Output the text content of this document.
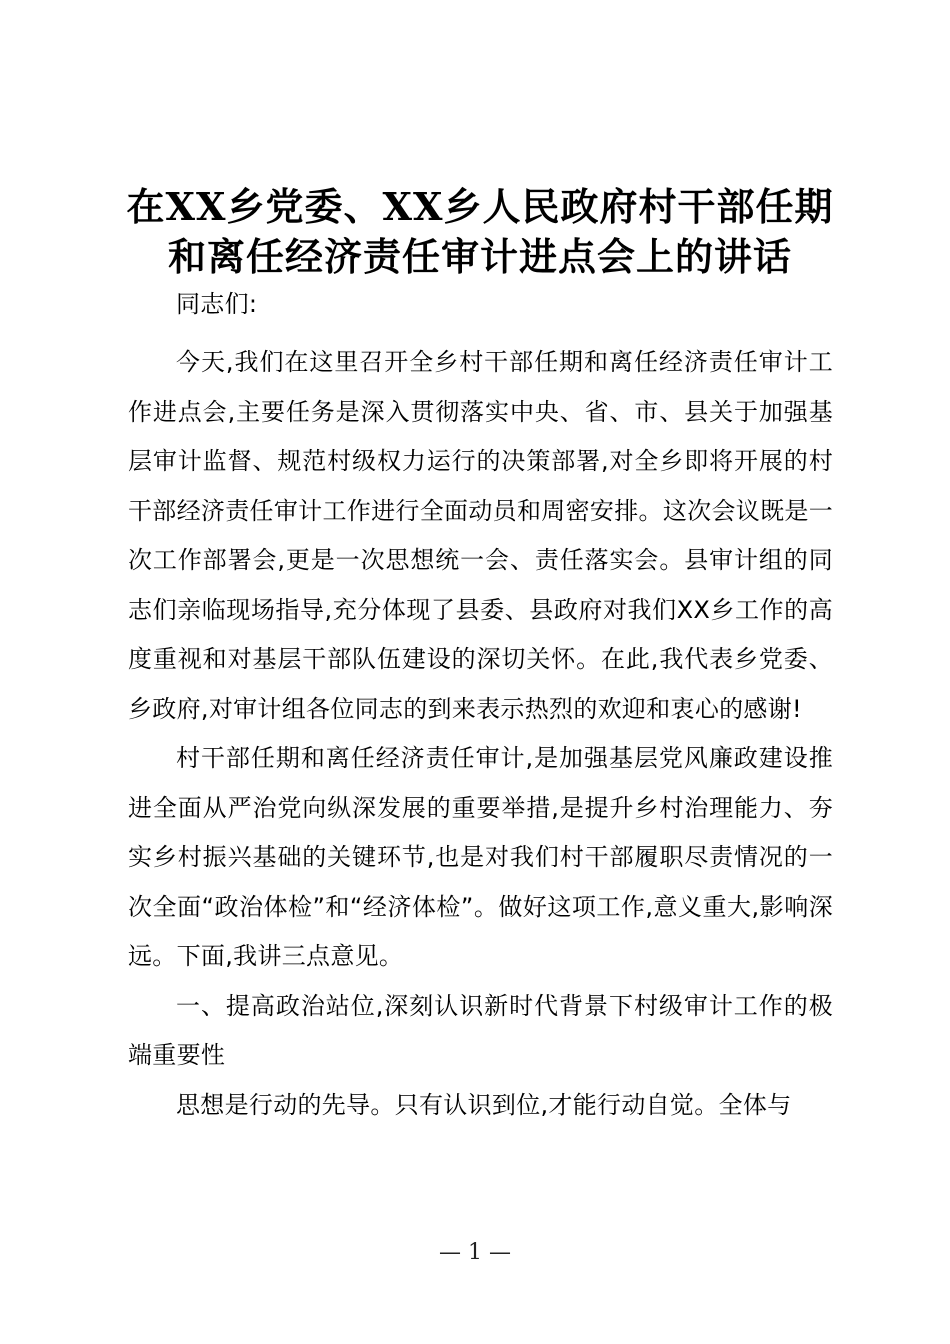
在XX乡党委、XX乡人民政府村干部任期和离任经济责任审计进点会上的讲话

同志们:

今天,我们在这里召开全乡村干部任期和离任经济责任审计工作进点会,主要任务是深入贯彻落实中央、省、市、县关于加强基层审计监督、规范村级权力运行的决策部署,对全乡即将开展的村干部经济责任审计工作进行全面动员和周密安排。这次会议既是一次工作部署会,更是一次思想统一会、责任落实会。县审计组的同志们亲临现场指导,充分体现了县委、县政府对我们XX乡工作的高度重视和对基层干部队伍建设的深切关怀。在此,我代表乡党委、乡政府,对审计组各位同志的到来表示热烈的欢迎和衷心的感谢!

村干部任期和离任经济责任审计,是加强基层党风廉政建设推进全面从严治党向纵深发展的重要举措,是提升乡村治理能力、夯实乡村振兴基础的关键环节,也是对我们村干部履职尽责情况的一次全面“政治体检”和“经济体检”。做好这项工作,意义重大,影响深远。下面,我讲三点意见。

一、提高政治站位,深刻认识新时代背景下村级审计工作的极端重要性

思想是行动的先导。只有认识到位,才能行动自觉。全体与

— 1 —
